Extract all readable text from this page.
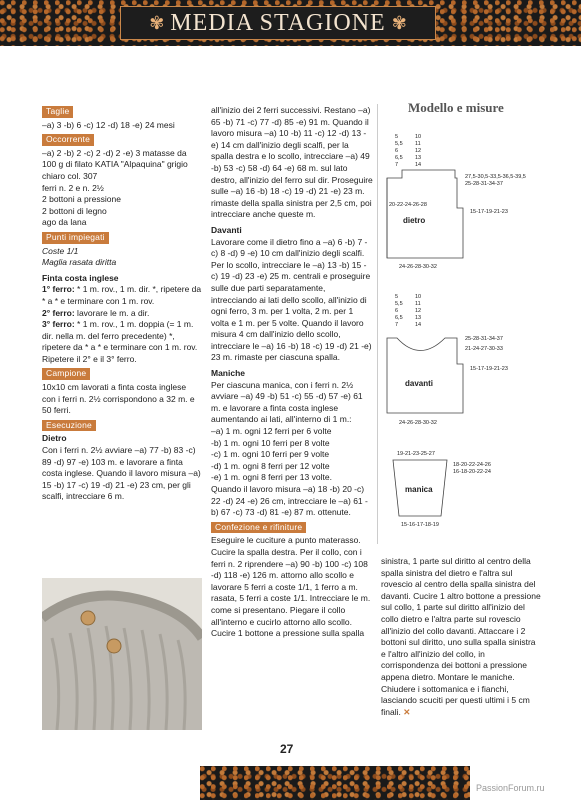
✾ MEDIA STAGIONE ✾
Taglie

–a) 3 -b) 6 -c) 12 -d) 18 -e) 24 mesi

Occorrente

–a) 2 -b) 2 -c) 2 -d) 2 -e) 3 matasse da 100 g di filato KATIA "Alpaquina" grigio chiaro col. 307

ferri n. 2 e n. 2½

2 bottoni a pressione

2 bottoni di legno

ago da lana

Punti impiegati

Coste 1/1

Maglia rasata diritta

Finta costa inglese

1° ferro: * 1 m. rov., 1 m. dir. *, ripetere da * a * e terminare con 1 m. rov.

2° ferro: lavorare le m. a dir.

3° ferro: * 1 m. rov., 1 m. doppia (= 1 m. dir. nella m. del ferro precedente) *, ripetere da * a * e terminare con 1 m. rov.

Ripetere il 2° e il 3° ferro.

Campione

10x10 cm lavorati a finta costa inglese con i ferri n. 2½ corrispondono a 32 m. e 50 ferri.

Esecuzione

Dietro

Con i ferri n. 2½ avviare –a) 77 -b) 83 -c) 89 -d) 97 -e) 103 m. e lavorare a finta costa inglese. Quando il lavoro misura –a) 15 -b) 17 -c) 19 -d) 21 -e) 23 cm, per gli scalfi, intrecciare 6 m.

all'inizio dei 2 ferri successivi. Restano –a) 65 -b) 71 -c) 77 -d) 85 -e) 91 m. Quando il lavoro misura –a) 10 -b) 11 -c) 12 -d) 13 -e) 14 cm dall'inizio degli scalfi, per la spalla destra e lo scollo, intrecciare –a) 49 -b) 53 -c) 58 -d) 64 -e) 68 m. sul lato destro, all'inizio del ferro sul dir. Proseguire sulle –a) 16 -b) 18 -c) 19 -d) 21 -e) 23 m. rimaste della spalla sinistra per 2,5 cm, poi intrecciare anche queste m.

Davanti

Lavorare come il dietro fino a –a) 6 -b) 7 -c) 8 -d) 9 -e) 10 cm dall'inizio degli scalfi. Per lo scollo, intrecciare le –a) 13 -b) 15 -c) 19 -d) 23 -e) 25 m. centrali e proseguire sulle due parti separatamente, intrecciando ai lati dello scollo, all'inizio di ogni ferro, 3 m. per 1 volta, 2 m. per 1 volta e 1 m. per 5 volte. Quando il lavoro misura 4 cm dall'inizio dello scollo, intrecciare le –a) 16 -b) 18 -c) 19 -d) 21 -e) 23 m. rimaste per ciascuna spalla.

Maniche

Per ciascuna manica, con i ferri n. 2½ avviare –a) 49 -b) 51 -c) 55 -d) 57 -e) 61 m. e lavorare a finta costa inglese aumentando ai lati, all'interno di 1 m.:

–a) 1 m. ogni 12 ferri per 6 volte

-b) 1 m. ogni 10 ferri per 8 volte

-c) 1 m. ogni 10 ferri per 9 volte

-d) 1 m. ogni 8 ferri per 12 volte

-e) 1 m. ogni 8 ferri per 13 volte.

Quando il lavoro misura –a) 18 -b) 20 -c) 22 -d) 24 -e) 26 cm, intrecciare le –a) 61 -b) 67 -c) 73 -d) 81 -e) 87 m. ottenute.

Confezione e rifiniture

Eseguire le cuciture a punto materasso. Cucire la spalla destra. Per il collo, con i ferri n. 2 riprendere –a) 90 -b) 100 -c) 108 -d) 118 -e) 126 m. attorno allo scollo e lavorare 5 ferri a coste 1/1, 1 ferro a m. rasata, 5 ferri a coste 1/1. Intrecciare le m. come si presentano. Piegare il collo all'interno e cucirlo attorno allo scollo.

Cucire 1 bottone a pressione sulla spalla

Modello e misure
5
5,5
6
6,5
7
10
11
12
13
14
dietro
20-22-24-26-28
24-26-28-30-32
27,5-30,5-33,5-36,5-39,5
25-28-31-34-37
15-17-19-21-23
5
5,5
6
6,5
7
10
11
12
13
14
davanti
24-26-28-30-32
25-28-31-34-37
21-24-27-30-33
15-17-19-21-23
19-21-23-25-27
manica
18-20-22-24-26
16-18-20-22-24
15-16-17-18-19

sinistra, 1 parte sul diritto al centro della spalla sinistra del dietro e l'altra sul rovescio al centro della spalla sinistra del davanti. Cucire 1 altro bottone a pressione sul collo, 1 parte sul diritto all'inizio del collo dietro e l'altra parte sul rovescio all'inizio del collo davanti. Attaccare i 2 bottoni sul diritto, uno sulla spalla sinistra e l'altro all'inizio del collo, in corrispondenza dei bottoni a pressione appena dietro. Montare le maniche. Chiudere i sottomanica e i fianchi, lasciando scuciti per questi ultimi i 5 cm finali. ✕

27
PassionForum.ru
